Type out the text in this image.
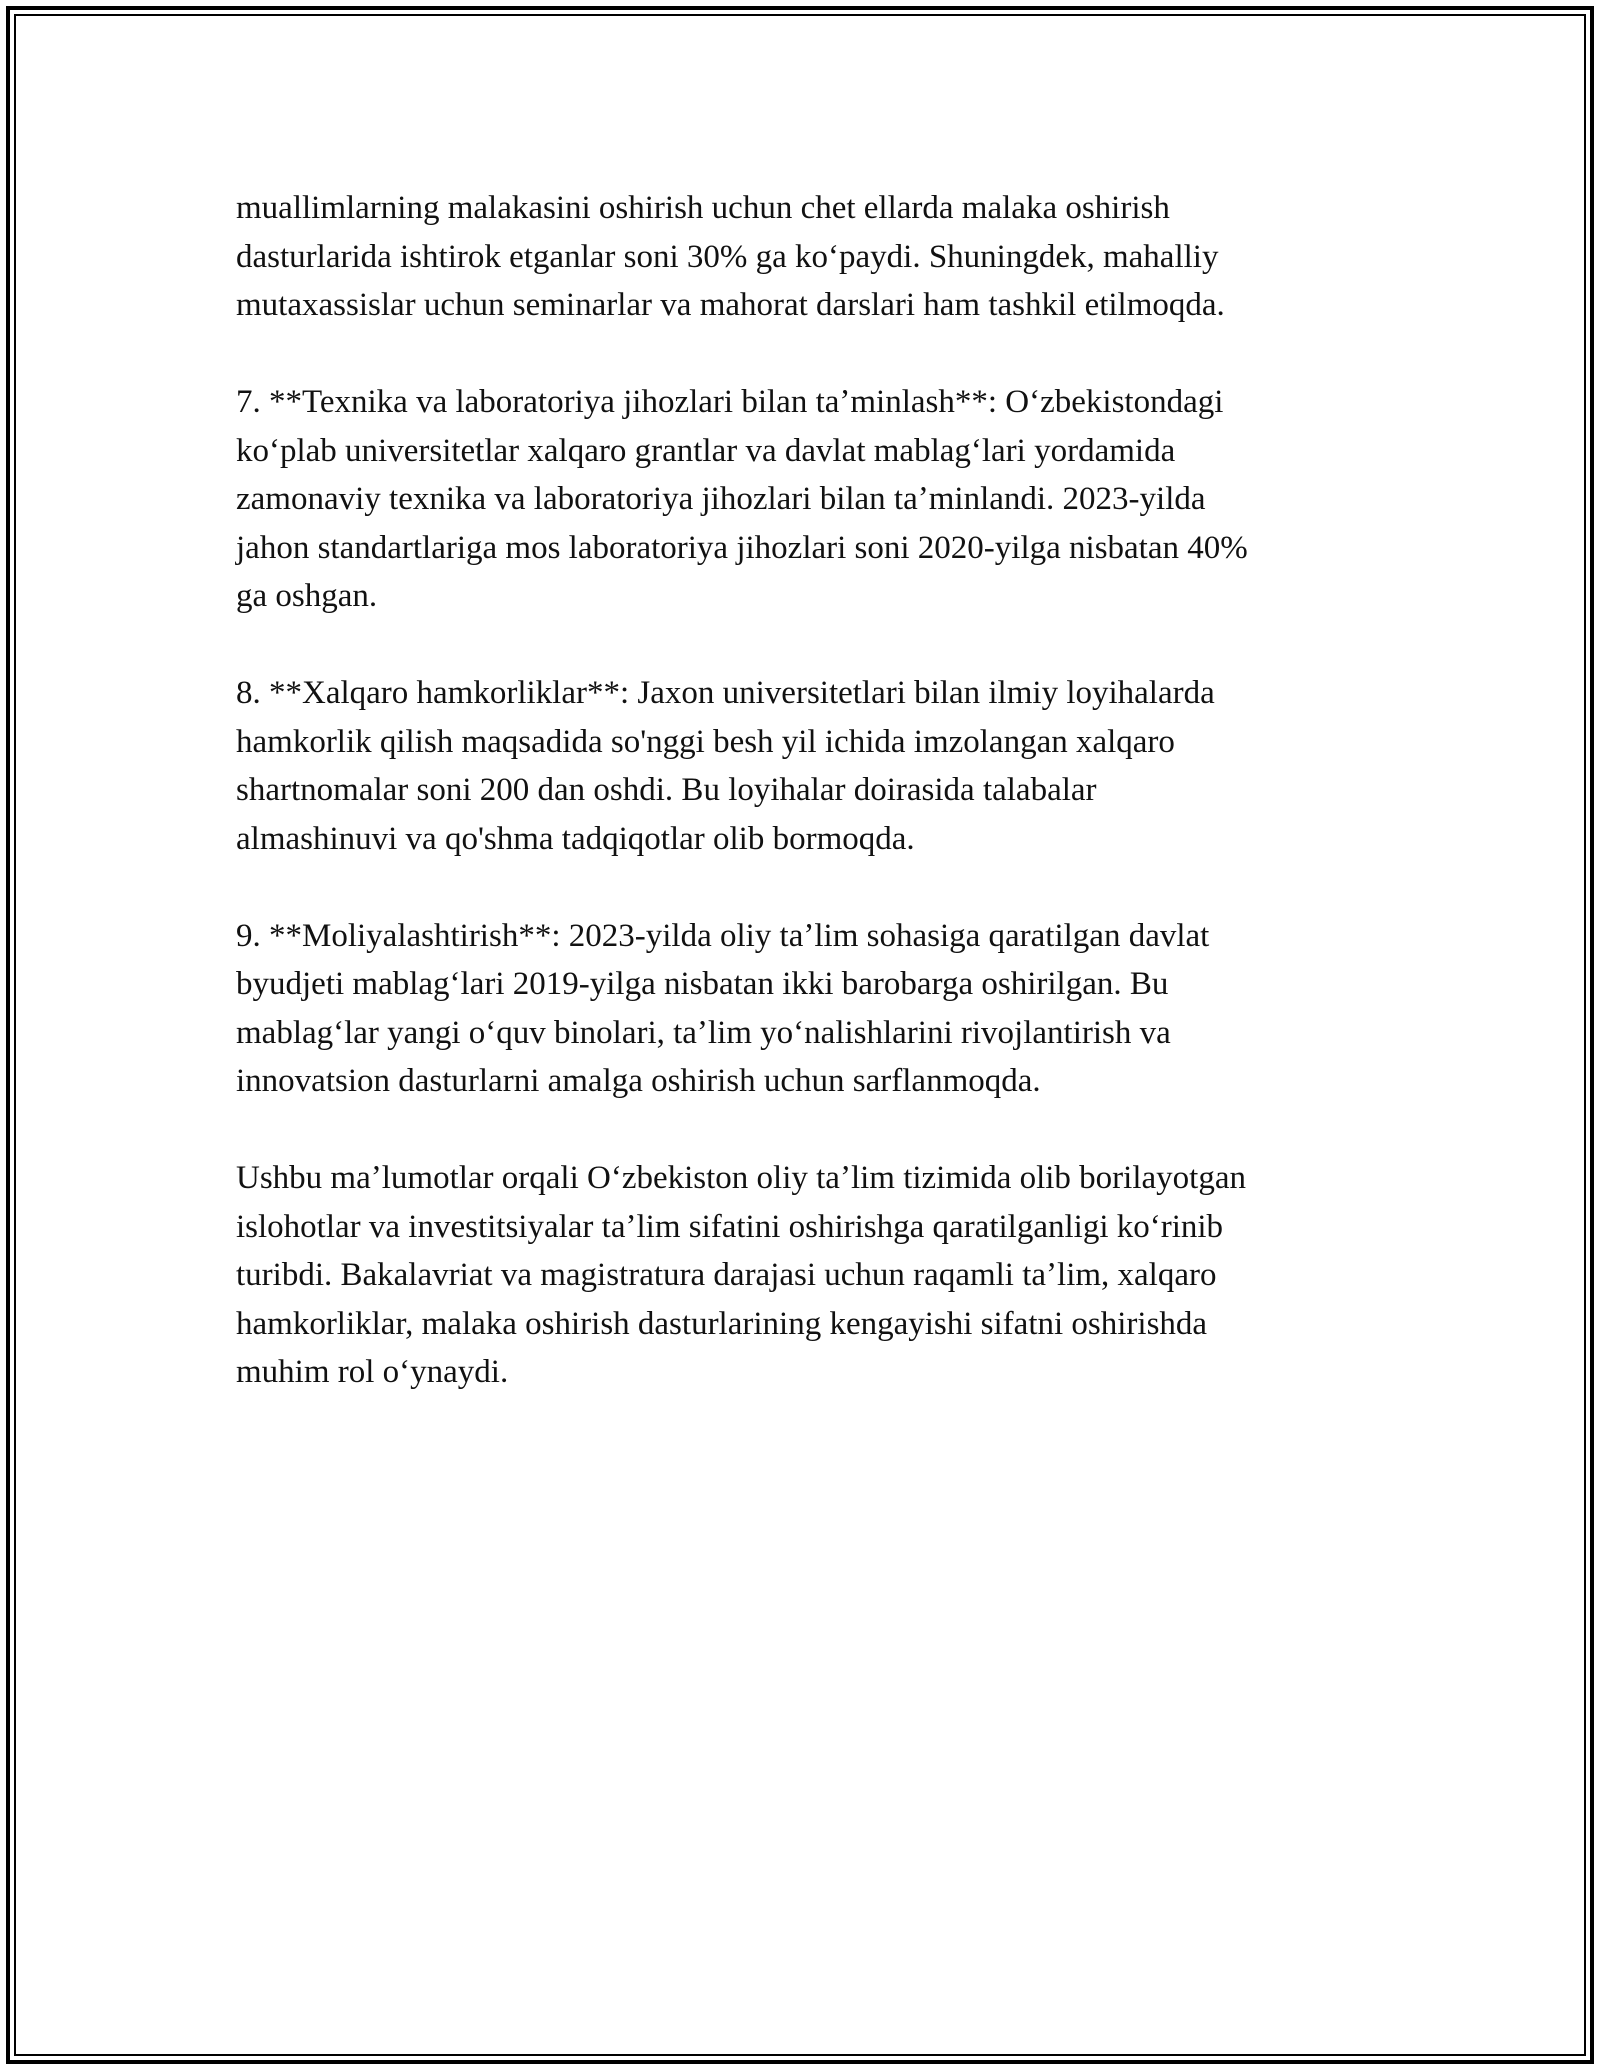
muallimlarning malakasini oshirish uchun chet ellarda malaka oshirish
dasturlarida ishtirok etganlar soni 30% ga koʻpaydi. Shuningdek, mahalliy
mutaxassislar uchun seminarlar va mahorat darslari ham tashkil etilmoqda.

7. **Texnika va laboratoriya jihozlari bilan taʼminlash**: Oʻzbekistondagi
koʻplab universitetlar xalqaro grantlar va davlat mablagʻlari yordamida
zamonaviy texnika va laboratoriya jihozlari bilan taʼminlandi. 2023-yilda
jahon standartlariga mos laboratoriya jihozlari soni 2020-yilga nisbatan 40%
ga oshgan.

8. **Xalqaro hamkorliklar**: Jaxon universitetlari bilan ilmiy loyihalarda
hamkorlik qilish maqsadida so'nggi besh yil ichida imzolangan xalqaro
shartnomalar soni 200 dan oshdi. Bu loyihalar doirasida talabalar
almashinuvi va qo'shma tadqiqotlar olib bormoqda.

9. **Moliyalashtirish**: 2023-yilda oliy taʼlim sohasiga qaratilgan davlat
byudjeti mablagʻlari 2019-yilga nisbatan ikki barobarga oshirilgan. Bu
mablagʻlar yangi oʻquv binolari, taʼlim yoʻnalishlarini rivojlantirish va
innovatsion dasturlarni amalga oshirish uchun sarflanmoqda.

Ushbu maʼlumotlar orqali Oʻzbekiston oliy taʼlim tizimida olib borilayotgan
islohotlar va investitsiyalar taʼlim sifatini oshirishga qaratilganligi koʻrinib
turibdi. Bakalavriat va magistratura darajasi uchun raqamli taʼlim, xalqaro
hamkorliklar, malaka oshirish dasturlarining kengayishi sifatni oshirishda
muhim rol oʻynaydi.
